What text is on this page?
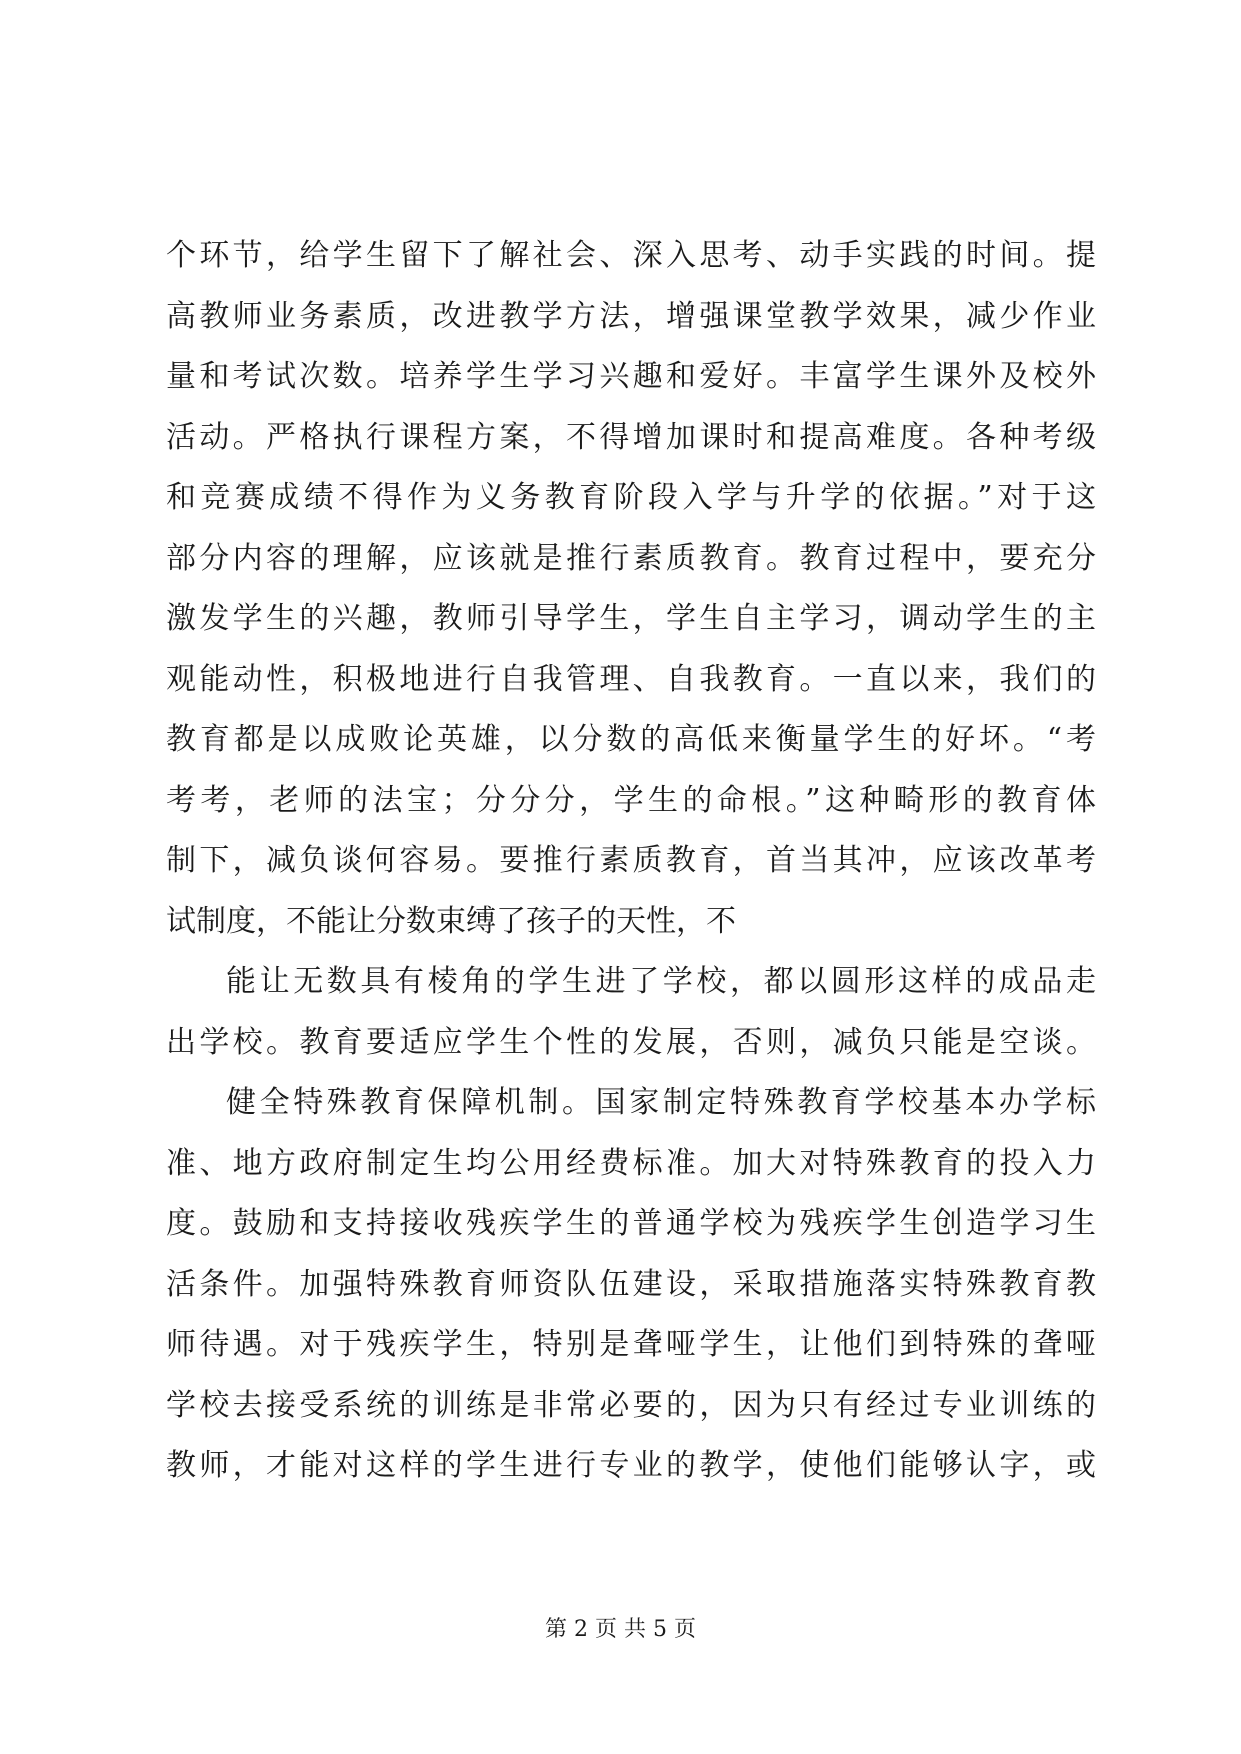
个环节，给学生留下了解社会、深入思考、动手实践的时间。提
高教师业务素质，改进教学方法，增强课堂教学效果，减少作业
量和考试次数。培养学生学习兴趣和爱好。丰富学生课外及校外
活动。严格执行课程方案，不得增加课时和提高难度。各种考级
和竞赛成绩不得作为义务教育阶段入学与升学的依据。”对于这
部分内容的理解，应该就是推行素质教育。教育过程中，要充分
激发学生的兴趣，教师引导学生，学生自主学习，调动学生的主
观能动性，积极地进行自我管理、自我教育。一直以来，我们的
教育都是以成败论英雄，以分数的高低来衡量学生的好坏。“考
考考，老师的法宝；分分分，学生的命根。”这种畸形的教育体
制下，减负谈何容易。要推行素质教育，首当其冲，应该改革考
试制度，不能让分数束缚了孩子的天性，不
能让无数具有棱角的学生进了学校，都以圆形这样的成品走
出学校。教育要适应学生个性的发展，否则，减负只能是空谈。
健全特殊教育保障机制。国家制定特殊教育学校基本办学标
准、地方政府制定生均公用经费标准。加大对特殊教育的投入力
度。鼓励和支持接收残疾学生的普通学校为残疾学生创造学习生
活条件。加强特殊教育师资队伍建设，采取措施落实特殊教育教
师待遇。对于残疾学生，特别是聋哑学生，让他们到特殊的聋哑
学校去接受系统的训练是非常必要的，因为只有经过专业训练的
教师，才能对这样的学生进行专业的教学，使他们能够认字，或
第 2 页 共 5 页
